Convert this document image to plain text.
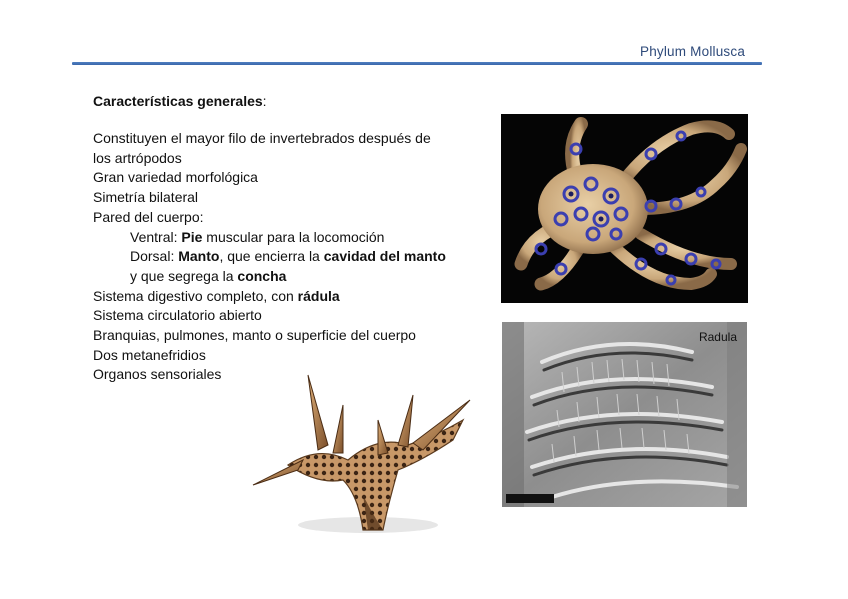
Phylum Mollusca
Características generales:
Constituyen el mayor filo de invertebrados después de
los artrópodos
Gran variedad morfológica
Simetría bilateral
Pared del cuerpo:
Ventral: Pie muscular para la locomoción
Dorsal: Manto, que encierra la cavidad del manto
y que segrega la concha
Sistema digestivo completo, con rádula
Sistema circulatorio abierto
Branquias, pulmones, manto o superficie del cuerpo
Dos metanefridios
Organos sensoriales
Radula
